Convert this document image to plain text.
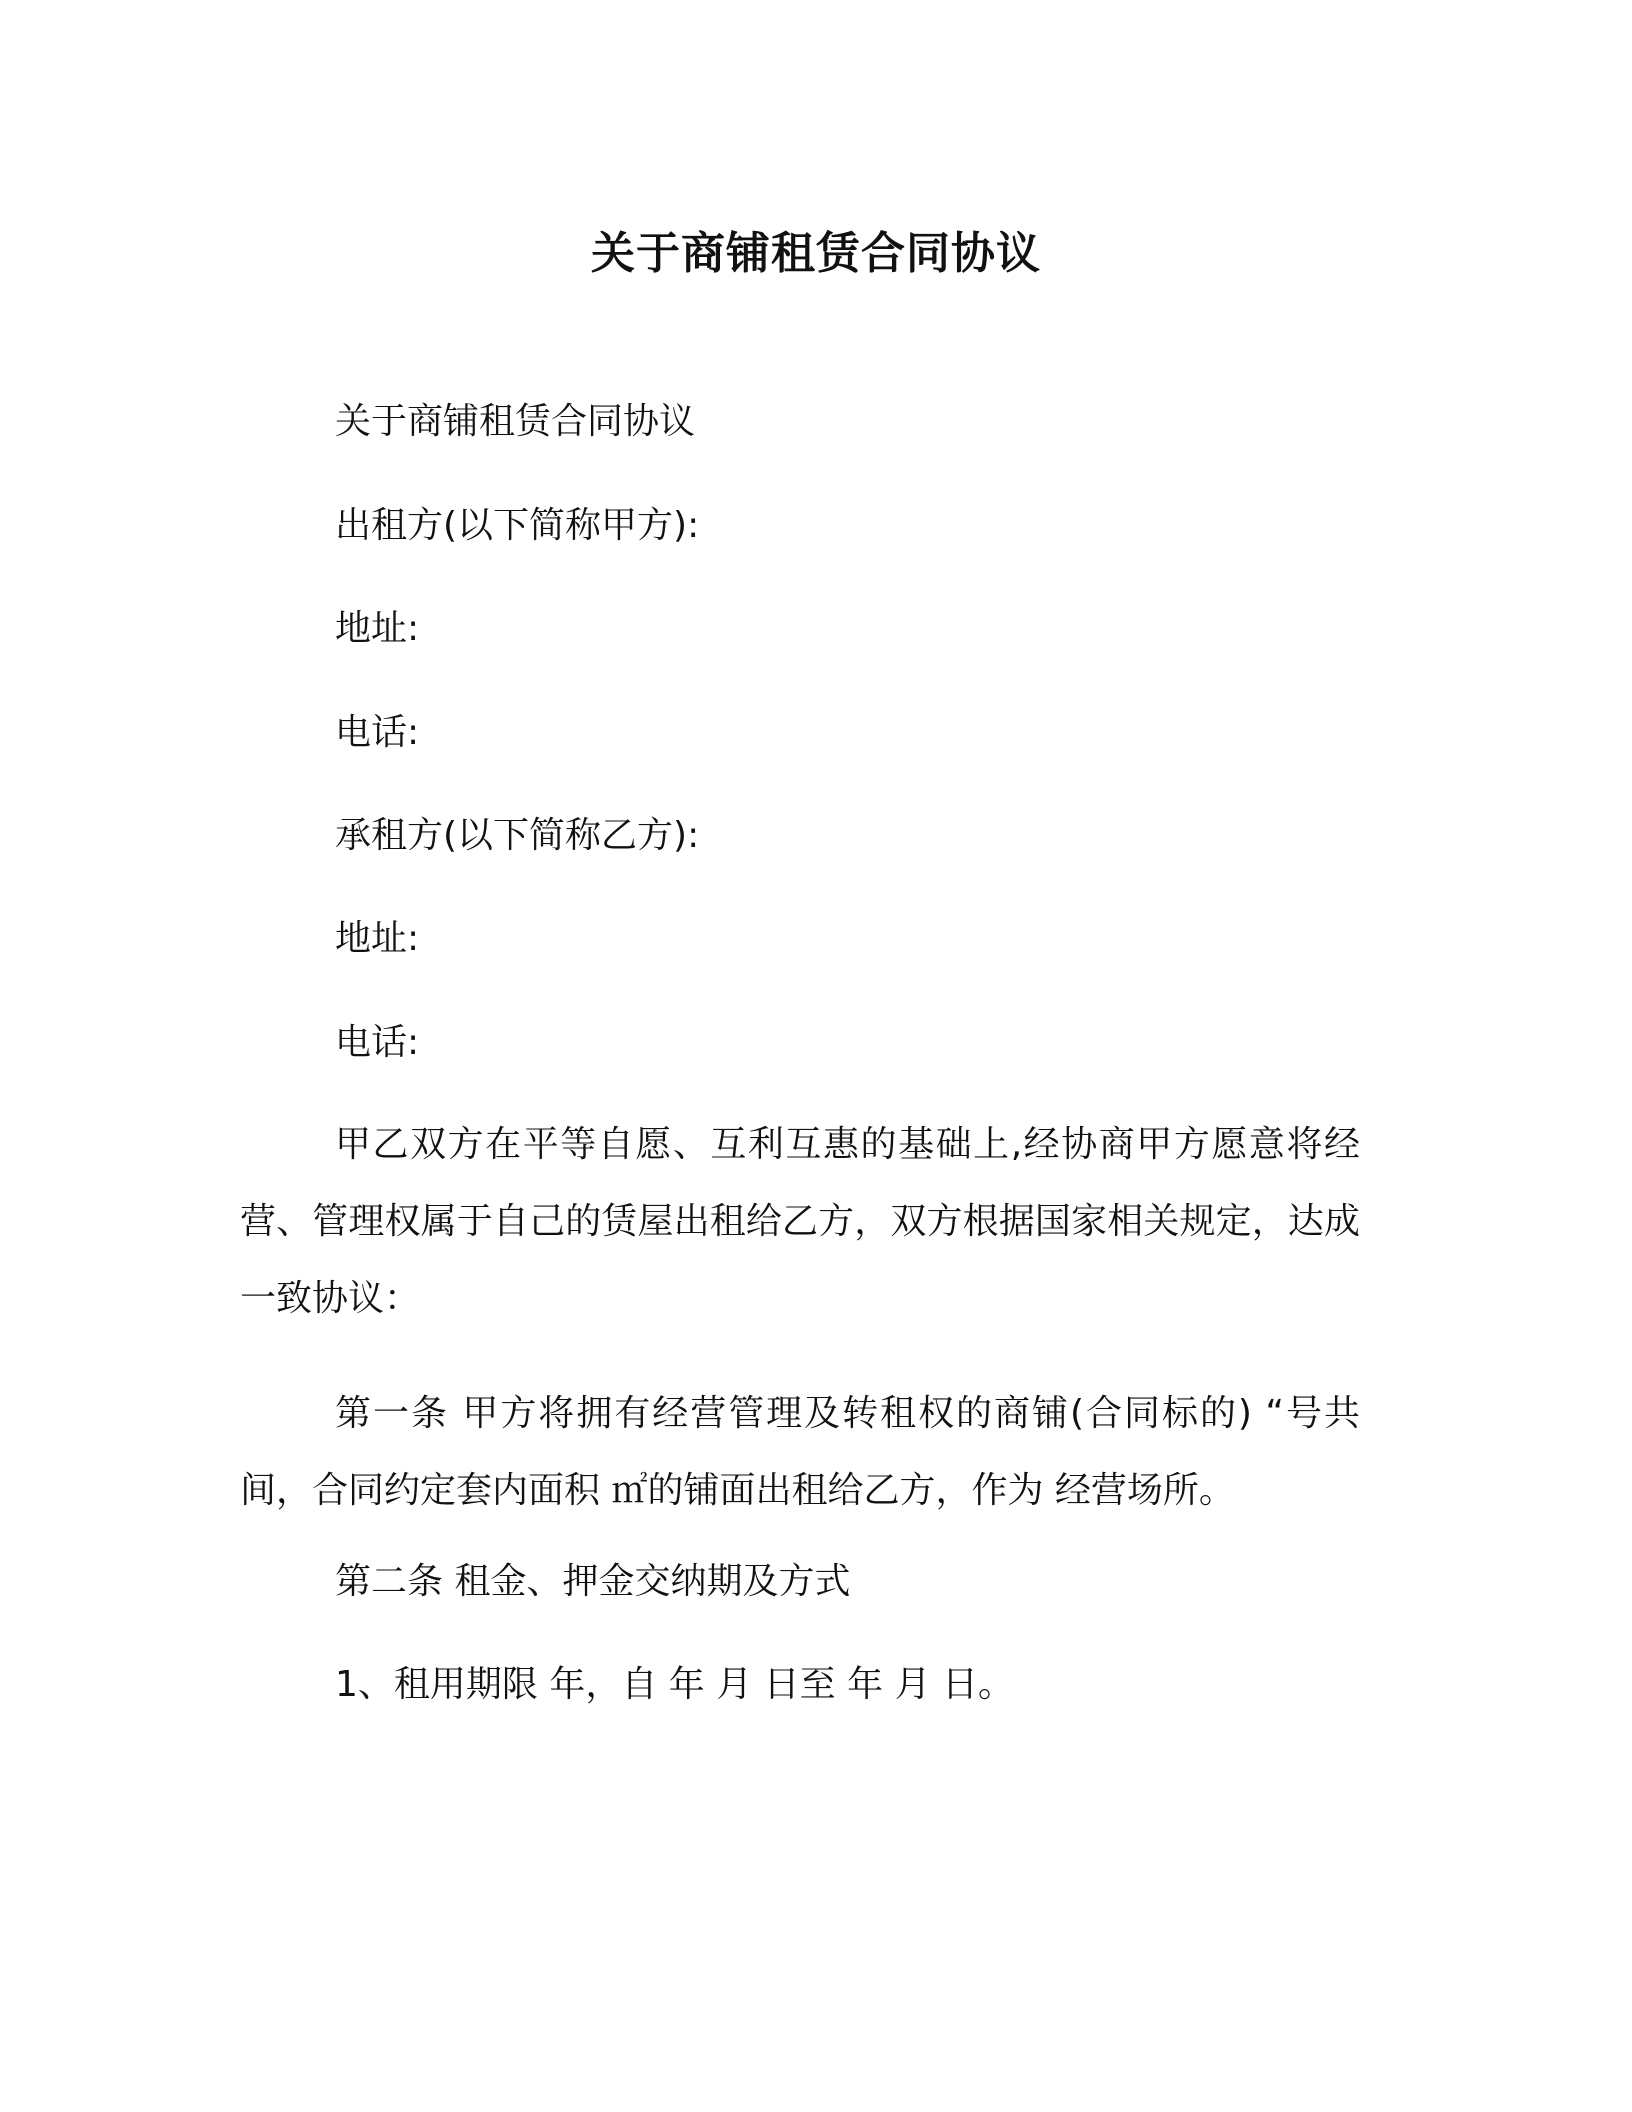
关于商铺租赁合同协议

关于商铺租赁合同协议

出租方(以下简称甲方):

地址:

电话:

承租方(以下简称乙方):

地址:

电话:

甲乙双方在平等自愿、互利互惠的基础上,经协商甲方愿意将经营、管理权属于自己的赁屋出租给乙方，双方根据国家相关规定，达成一致协议：

第一条 甲方将拥有经营管理及转租权的商铺(合同标的) “号共间，合同约定套内面积 ㎡的铺面出租给乙方，作为 经营场所。

第二条 租金、押金交纳期及方式

1、租用期限 年，自 年 月 日至 年 月 日。
